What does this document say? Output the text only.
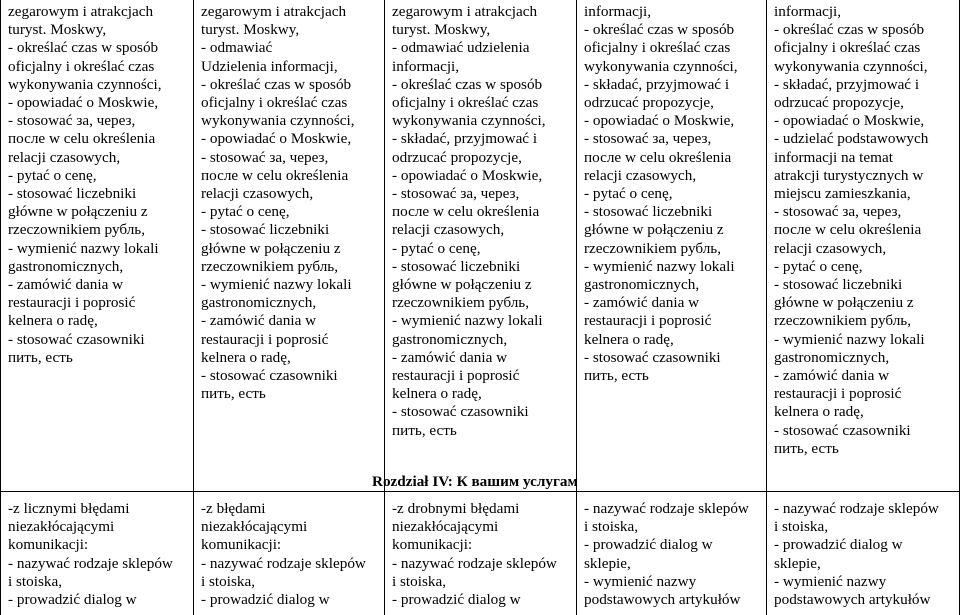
zegarowym i atrakcjach
turyst. Moskwy,
- określać czas w sposób
oficjalny i określać czas
wykonywania czynności,
- opowiadać o Moskwie,
- stosować за, через,
после w celu określenia
relacji czasowych,
- pytać o cenę,
- stosować liczebniki
główne w połączeniu z
rzeczownikiem рубль,
- wymienić nazwy lokali
gastronomicznych,
- zamówić dania w
restauracji i poprosić
kelnera o radę,
- stosować czasowniki
пить, есть
zegarowym i atrakcjach
turyst. Moskwy,
- odmawiać
Udzielenia informacji,
- określać czas w sposób
oficjalny i określać czas
wykonywania czynności,
- opowiadać o Moskwie,
- stosować за, через,
после w celu określenia
relacji czasowych,
- pytać o cenę,
- stosować liczebniki
główne w połączeniu z
rzeczownikiem рубль,
- wymienić nazwy lokali
gastronomicznych,
- zamówić dania w
restauracji i poprosić
kelnera o radę,
- stosować czasowniki
пить, есть
zegarowym i atrakcjach
turyst. Moskwy,
- odmawiać udzielenia
informacji,
- określać czas w sposób
oficjalny i określać czas
wykonywania czynności,
- składać, przyjmować i
odrzucać propozycje,
- opowiadać o Moskwie,
- stosować за, через,
после w celu określenia
relacji czasowych,
- pytać o cenę,
- stosować liczebniki
główne w połączeniu z
rzeczownikiem рубль,
- wymienić nazwy lokali
gastronomicznych,
- zamówić dania w
restauracji i poprosić
kelnera o radę,
- stosować czasowniki
пить, есть
informacji,
- określać czas w sposób
oficjalny i określać czas
wykonywania czynności,
- składać, przyjmować i
odrzucać propozycje,
- opowiadać o Moskwie,
- stosować за, через,
после w celu określenia
relacji czasowych,
- pytać o cenę,
- stosować liczebniki
główne w połączeniu z
rzeczownikiem рубль,
- wymienić nazwy lokali
gastronomicznych,
- zamówić dania w
restauracji i poprosić
kelnera o radę,
- stosować czasowniki
пить, есть
informacji,
- określać czas w sposób
oficjalny i określać czas
wykonywania czynności,
- składać, przyjmować i
odrzucać propozycje,
- opowiadać o Moskwie,
- udzielać podstawowych
informacji na temat
atrakcji turystycznych w
miejscu zamieszkania,
- stosować за, через,
после w celu określenia
relacji czasowych,
- pytać o cenę,
- stosować liczebniki
główne w połączeniu z
rzeczownikiem рубль,
- wymienić nazwy lokali
gastronomicznych,
- zamówić dania w
restauracji i poprosić
kelnera o radę,
- stosować czasowniki
пить, есть
Rozdział IV: К вашим услугам
-z licznymi błędami
niezakłócającymi
komunikacji:
- nazywać rodzaje sklepów
i stoiska,
- prowadzić dialog w
-z błędami
niezakłócającymi
komunikacji:
- nazywać rodzaje sklepów
i stoiska,
- prowadzić dialog w
-z drobnymi błędami
niezakłócającymi
komunikacji:
- nazywać rodzaje sklepów
i stoiska,
- prowadzić dialog w
- nazywać rodzaje sklepów
i stoiska,
- prowadzić dialog w
sklepie,
- wymienić nazwy
podstawowych artykułów
- nazywać rodzaje sklepów
i stoiska,
- prowadzić dialog w
sklepie,
- wymienić nazwy
podstawowych artykułów
